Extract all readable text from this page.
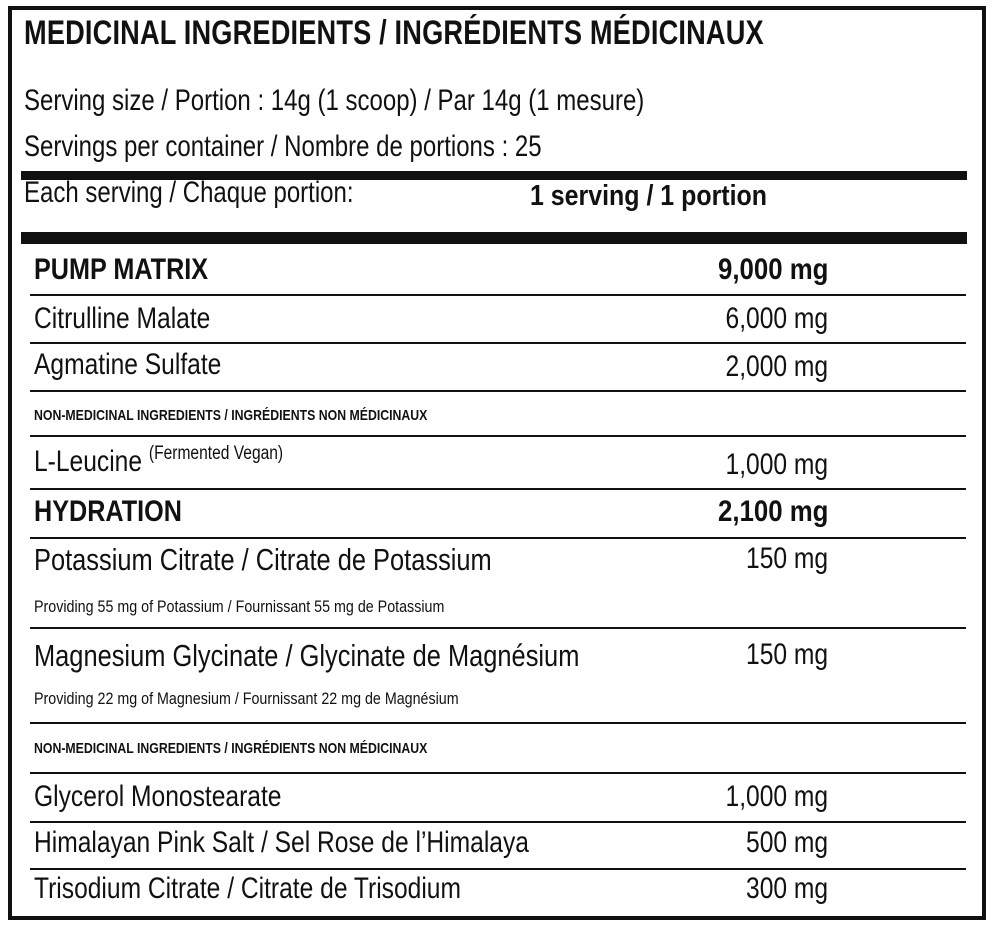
MEDICINAL INGREDIENTS / INGRÉDIENTS MÉDICINAUX
Serving size / Portion : 14g (1 scoop) / Par 14g (1 mesure)
Servings per container / Nombre de portions : 25
Each serving / Chaque portion:	1 serving / 1 portion
PUMP MATRIX	9,000 mg
Citrulline Malate	6,000 mg
Agmatine Sulfate	2,000 mg
NON-MEDICINAL INGREDIENTS / INGRÉDIENTS NON MÉDICINAUX
L-Leucine $^{(Fermented Vegan)}$	1,000 mg
HYDRATION	2,100 mg
Potassium Citrate / Citrate de Potassium	150 mg
Providing 55 mg of Potassium / Fournissant 55 mg de Potassium
Magnesium Glycinate / Glycinate de Magnésium	150 mg
Providing 22 mg of Magnesium / Fournissant 22 mg de Magnésium
NON-MEDICINAL INGREDIENTS / INGRÉDIENTS NON MÉDICINAUX
Glycerol Monostearate	1,000 mg
Himalayan Pink Salt / Sel Rose de l’Himalaya	500 mg
Trisodium Citrate / Citrate de Trisodium	300 mg
